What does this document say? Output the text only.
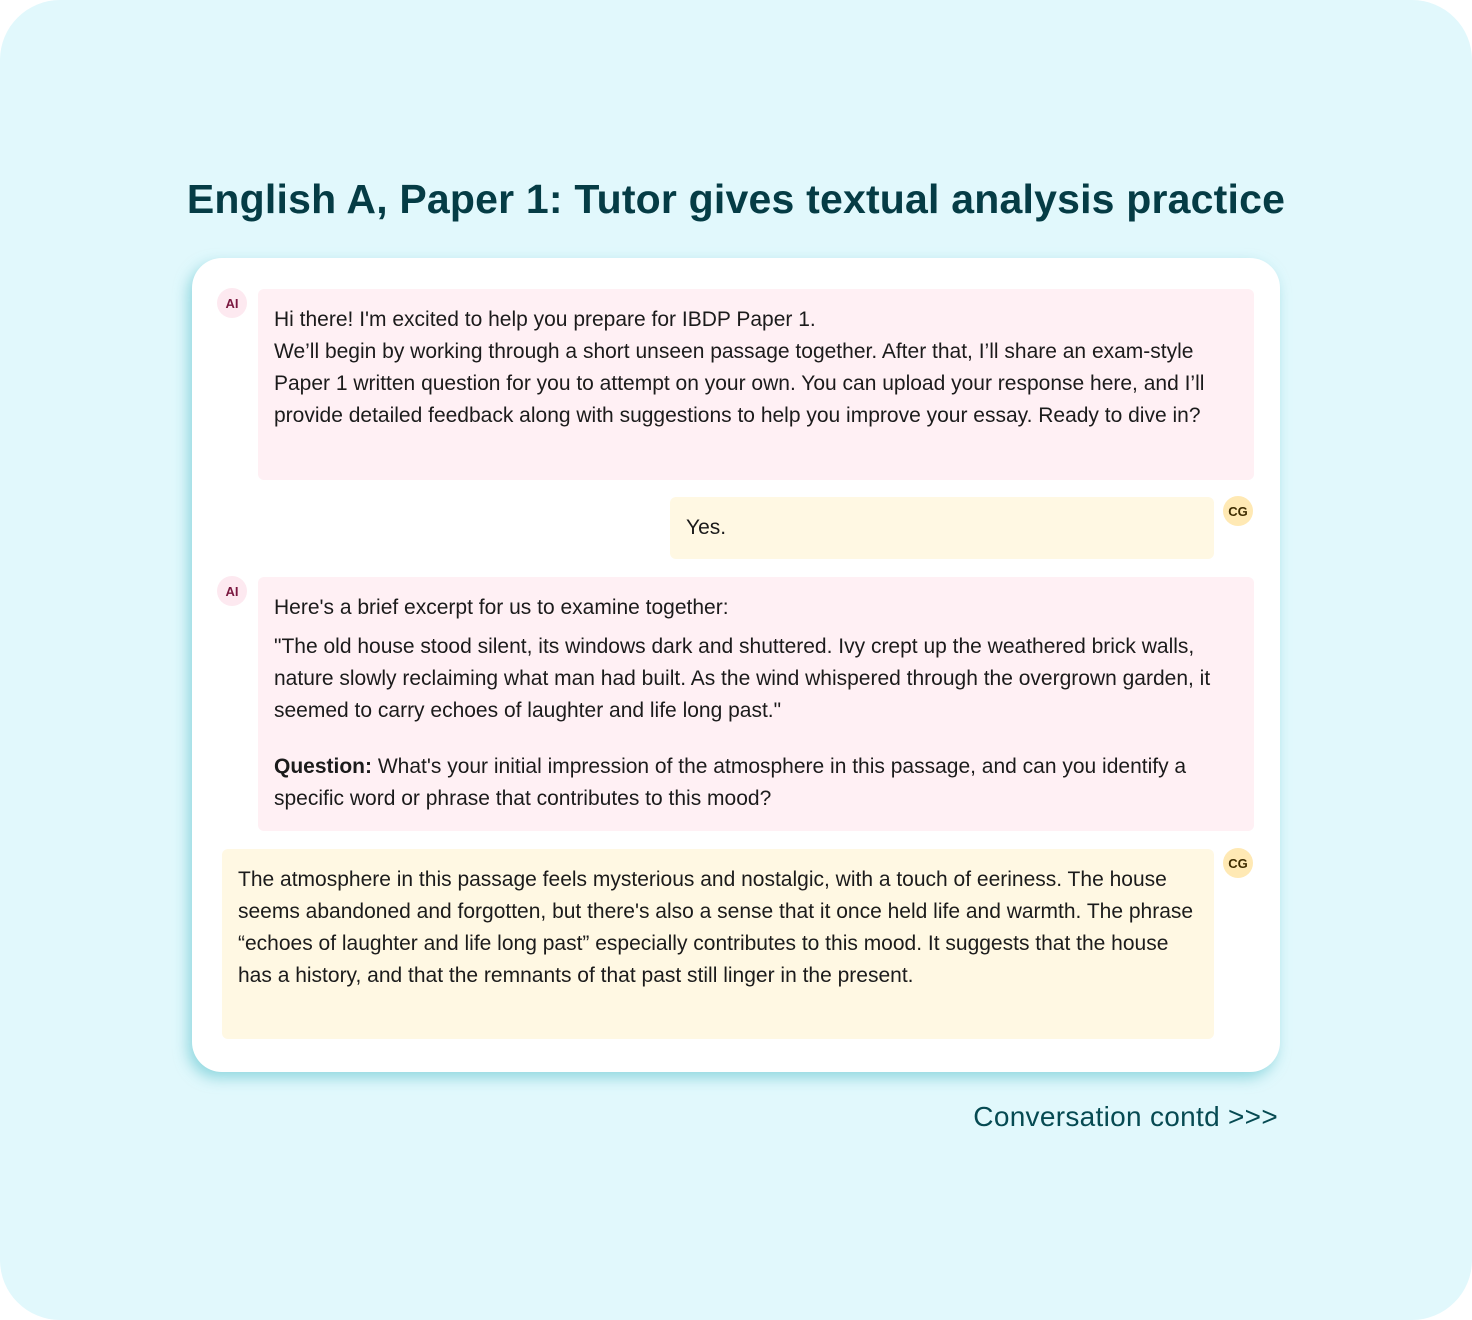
English A, Paper 1: Tutor gives textual analysis practice
AI

Hi there! I'm excited to help you prepare for IBDP Paper 1.

We’ll begin by working through a short unseen passage together. After that, I’ll share an exam-style Paper 1 written question for you to attempt on your own. You can upload your response here, and I’ll provide detailed feedback along with suggestions to help you improve your essay. Ready to dive in?

Yes.

CG
AI

Here's a brief excerpt for us to examine together:

"The old house stood silent, its windows dark and shuttered. Ivy crept up the weathered brick walls, nature slowly reclaiming what man had built. As the wind whispered through the overgrown garden, it seemed to carry echoes of laughter and life long past."

Question: What's your initial impression of the atmosphere in this passage, and can you identify a specific word or phrase that contributes to this mood?

The atmosphere in this passage feels mysterious and nostalgic, with a touch of eeriness. The house seems abandoned and forgotten, but there's also a sense that it once held life and warmth. The phrase “echoes of laughter and life long past” especially contributes to this mood. It suggests that the house has a history, and that the remnants of that past still linger in the present.

CG
Conversation contd >>>
